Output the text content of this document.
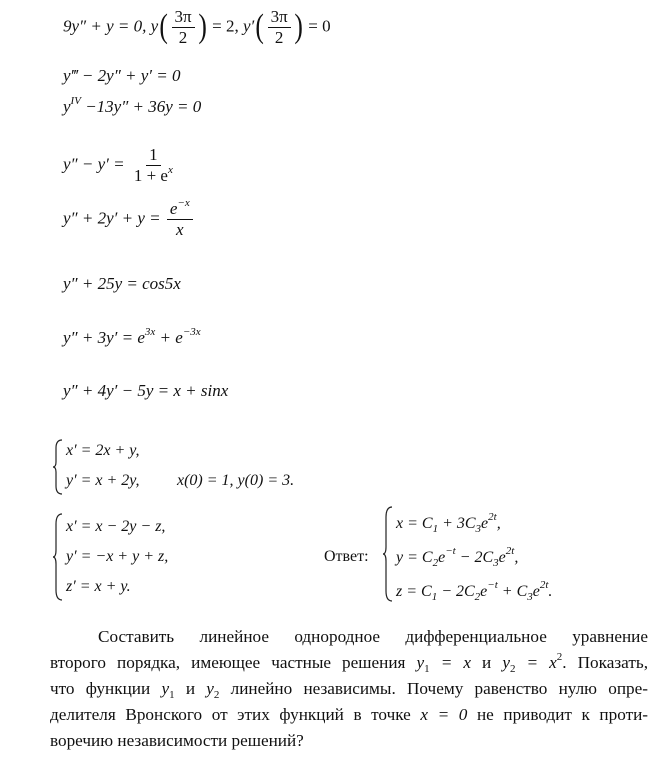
9y″ + y = 0, $y( \frac{3\pi}{2}$ ) = 2, $y'( \frac{3\pi}{2}$ ) = 0
y‴ − 2y″ + y′ = 0
$y^{IV} -13y'' + 36y = 0$
$y'' - y' = \frac{1}{1 + e^x}$
$y'' + 2y' + y = \frac{e^{-x}}{x}$
y″ + 25y = cos5x
$y'' + 3y' = e^{3x} + e^{-3x}$
y″ + 4y′ − 5y = x + sinx
x′ = 2x + y,
y′ = x + 2y, x(0) = 1, y(0) = 3.
x′ = x − 2y − z,
y′ = −x + y + z,
z′ = x + y.
Ответ:
$x = C_1 + 3C_3e^{2t}$,
$y = C_2e^{-t} - 2C_3e^{2t}$,
$z = C_1 - 2C_2e^{-t} + C_3e^{2t}$.

Составить линейное однородное дифференциальное уравнение

второго порядка, имеющее частные решения $y_1 = x$ и $y_2 = x^2$. Показать,

что функции $y_1$ и $y_2$ линейно независимы. Почему равенство нулю опре-

делителя Вронского от этих функций в точке x = 0 не приводит к проти-

воречию независимости решений?
